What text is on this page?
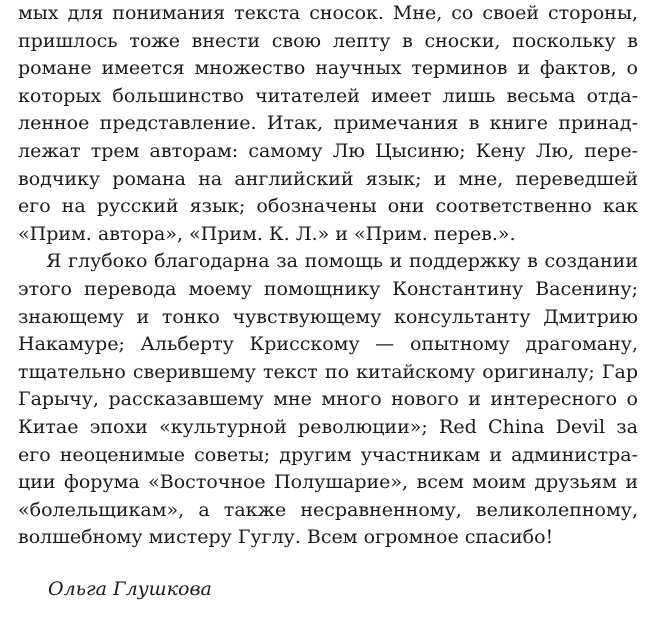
мых для понимания текста сносок. Мне, со своей стороны,
пришлось тоже внести свою лепту в сноски, поскольку в
романе имеется множество научных терминов и фактов, о
которых большинство читателей имеет лишь весьма отда-
ленное представление. Итак, примечания в книге принад-
лежат трем авторам: самому Лю Цысиню; Кену Лю, пере-
водчику романа на английский язык; и мне, переведшей
его на русский язык; обозначены они соответственно как
«Прим. автора», «Прим. К. Л.» и «Прим. перев.».
Я глубоко благодарна за помощь и поддержку в создании
этого перевода моему помощнику Константину Васенину;
знающему и тонко чувствующему консультанту Дмитрию
Накамуре; Альберту Крисскому — опытному драгоману,
тщательно сверившему текст по китайскому оригиналу; Гар
Гарычу, рассказавшему мне много нового и интересного о
Китае эпохи «культурной революции»; Red China Devil за
его неоценимые советы; другим участникам и администра-
ции форума «Восточное Полушарие», всем моим друзьям и
«болельщикам», а также несравненному, великолепному,
волшебному мистеру Гуглу. Всем огромное спасибо!
Ольга Глушкова
